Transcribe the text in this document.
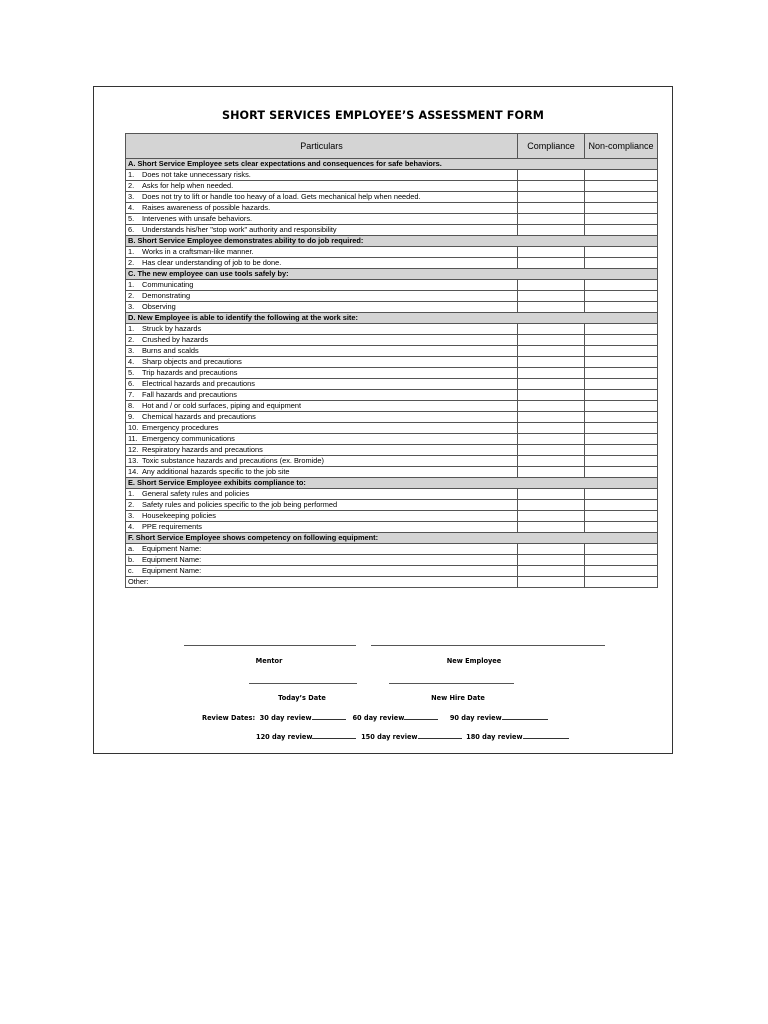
SHORT SERVICES EMPLOYEE’S ASSESSMENT FORM
Particulars	Compliance	Non-compliance
A. Short Service Employee sets clear expectations and consequences for safe behaviors.		
1. Does not take unnecessary risks.		
2. Asks for help when needed.		
3. Does not try to lift or handle too heavy of a load. Gets mechanical help when needed.		
4. Raises awareness of possible hazards.		
5. Intervenes with unsafe behaviors.		
6. Understands his/her "stop work" authority and responsibility		
B. Short Service Employee demonstrates ability to do job required:		
1. Works in a craftsman-like manner.		
2. Has clear understanding of job to be done.		
C. The new employee can use tools safely by:		
1. Communicating		
2. Demonstrating		
3. Observing		
D. New Employee is able to identify the following at the work site:		
1. Struck by hazards		
2. Crushed by hazards		
3. Burns and scalds		
4. Sharp objects and precautions		
5. Trip hazards and precautions		
6. Electrical hazards and precautions		
7. Fall hazards and precautions		
8. Hot and / or cold surfaces, piping and equipment		
9. Chemical hazards and precautions		
10. Emergency procedures		
11. Emergency communications		
12. Respiratory hazards and precautions		
13. Toxic substance hazards and precautions (ex. Bromide)		
14. Any additional hazards specific to the job site		
E. Short Service Employee exhibits compliance to:		
1. General safety rules and policies		
2. Safety rules and policies specific to the job being performed		
3. Housekeeping policies		
4. PPE requirements		
F. Short Service Employee shows competency on following equipment:		
a. Equipment Name:		
b. Equipment Name:		
c. Equipment Name:		
Other:		
Mentor	New Employee
Today’s Date	New Hire Date
Review Dates: 30 day review	60 day review	90 day review
120 day review	150 day review	180 day review
